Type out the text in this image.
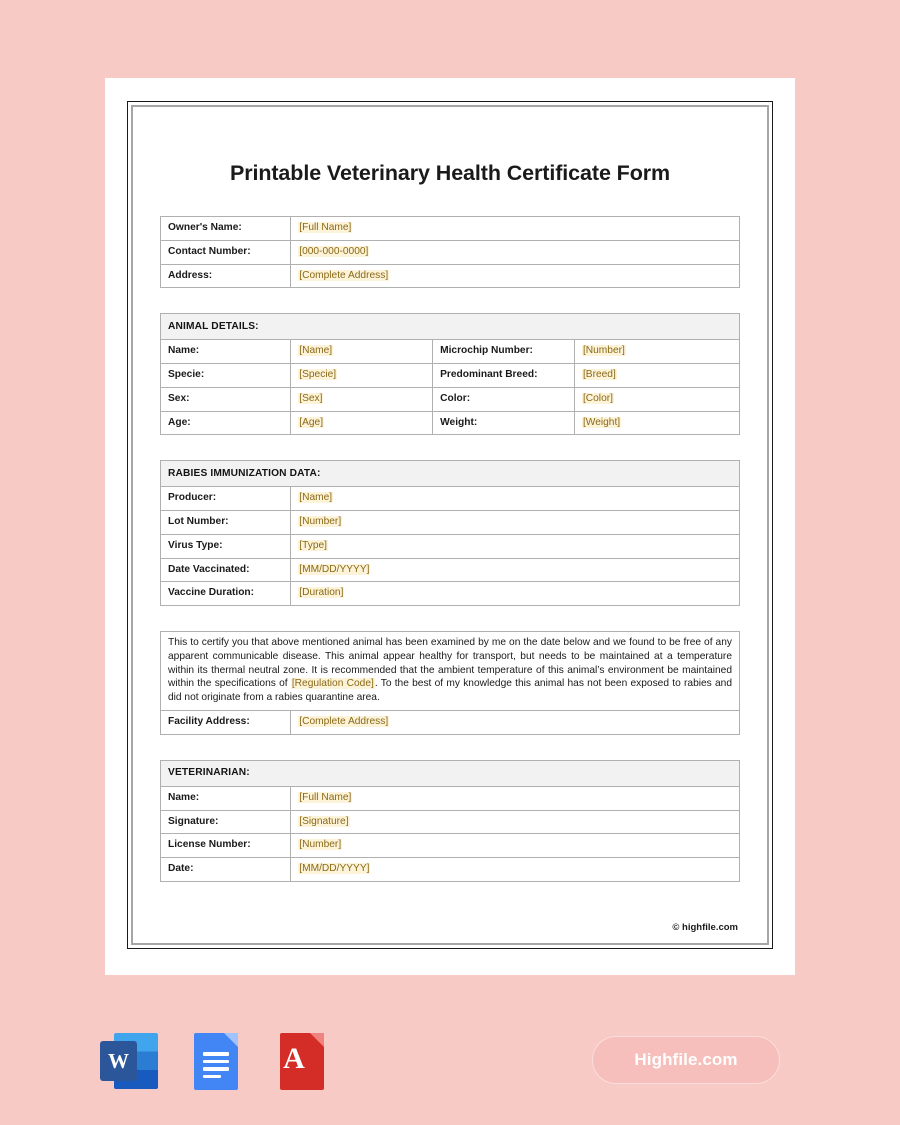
Printable Veterinary Health Certificate Form
Owner's Name:	[Full Name]
Contact Number:	[000-000-0000]
Address:	[Complete Address]
ANIMAL DETAILS:			
Name:	[Name]	Microchip Number:	[Number]
Specie:	[Specie]	Predominant Breed:	[Breed]
Sex:	[Sex]	Color:	[Color]
Age:	[Age]	Weight:	[Weight]
RABIES IMMUNIZATION DATA:	
Producer:	[Name]
Lot Number:	[Number]
Virus Type:	[Type]
Date Vaccinated:	[MM/DD/YYYY]
Vaccine Duration:	[Duration]
This to certify you that above mentioned animal has been examined by me on the date below and we found to be free of any apparent communicable disease. This animal appear healthy for transport, but needs to be maintained at a temperature within its thermal neutral zone. It is recommended that the ambient temperature of this animal’s environment be maintained within the specifications of [Regulation Code]. To the best of my knowledge this animal has not been exposed to rabies and did not originate from a rabies quarantine area.
Facility Address:	[Complete Address]
VETERINARIAN:	
Name:	[Full Name]
Signature:	[Signature]
License Number:	[Number]
Date:	[MM/DD/YYYY]
© highfile.com
W	A	Highfile.com
